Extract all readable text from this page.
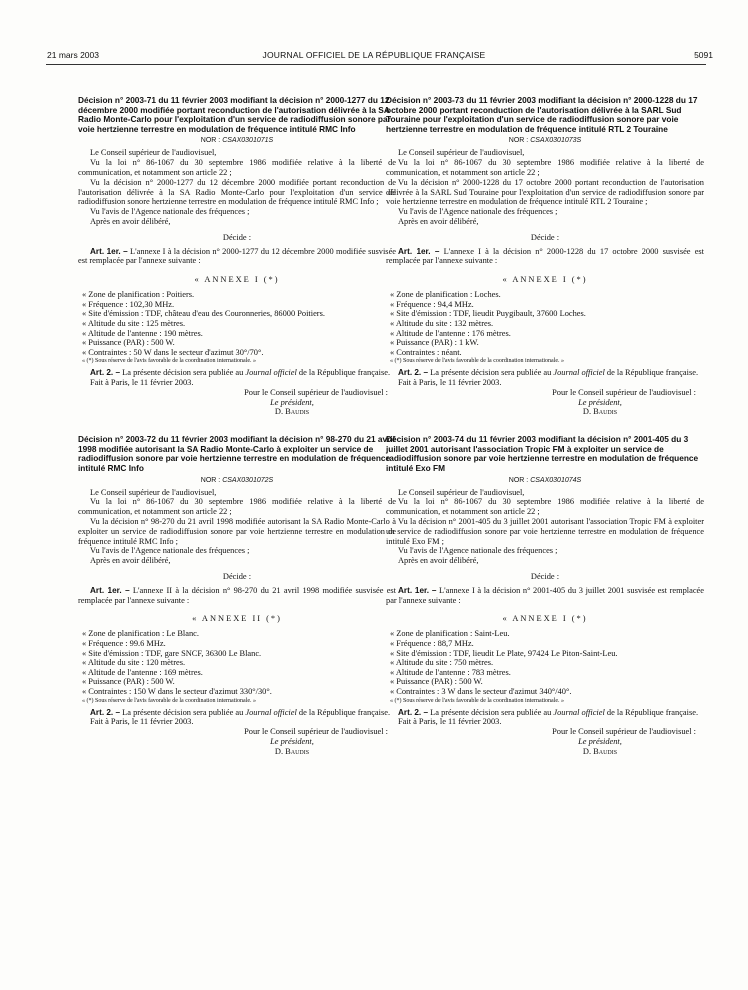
21 mars 2003	JOURNAL OFFICIEL DE LA RÉPUBLIQUE FRANÇAISE	5091

Décision n° 2003-71 du 11 février 2003 modifiant la décision n° 2000-1277 du 12 décembre 2000 modifiée portant reconduction de l'autorisation délivrée à la SA Radio Monte-Carlo pour l'exploitation d'un service de radiodiffusion sonore par voie hertzienne terrestre en modulation de fréquence intitulé RMC Info

NOR : CSAX0301071S

Le Conseil supérieur de l'audiovisuel,

Vu la loi n° 86-1067 du 30 septembre 1986 modifiée relative à la liberté de communication, et notamment son article 22 ;

Vu la décision n° 2000-1277 du 12 décembre 2000 modifiée portant reconduction de l'autorisation délivrée à la SA Radio Monte-Carlo pour l'exploitation d'un service de radiodiffusion sonore hertzienne terrestre en modulation de fréquence intitulé RMC Info ;

Vu l'avis de l'Agence nationale des fréquences ;

Après en avoir délibéré,

Décide :

Art. 1er. – L'annexe I à la décision n° 2000-1277 du 12 décembre 2000 modifiée susvisée est remplacée par l'annexe suivante :

« ANNEXE I (*)

« Zone de planification : Poitiers.

« Fréquence : 102,30 MHz.

« Site d'émission : TDF, château d'eau des Couronneries, 86000 Poitiers.

« Altitude du site : 125 mètres.

« Altitude de l'antenne : 190 mètres.

« Puissance (PAR) : 500 W.

« Contraintes : 50 W dans le secteur d'azimut 30°/70°.

« (*) Sous réserve de l'avis favorable de la coordination internationale. »

Art. 2. – La présente décision sera publiée au Journal officiel de la République française.

Fait à Paris, le 11 février 2003.

Pour le Conseil supérieur de l'audiovisuel :

Le président,

D. Baudis

Décision n° 2003-72 du 11 février 2003 modifiant la décision n° 98-270 du 21 avril 1998 modifiée autorisant la SA Radio Monte-Carlo à exploiter un service de radiodiffusion sonore par voie hertzienne terrestre en modulation de fréquence intitulé RMC Info

NOR : CSAX0301072S

Le Conseil supérieur de l'audiovisuel,

Vu la loi n° 86-1067 du 30 septembre 1986 modifiée relative à la liberté de communication, et notamment son article 22 ;

Vu la décision n° 98-270 du 21 avril 1998 modifiée autorisant la SA Radio Monte-Carlo à exploiter un service de radiodiffusion sonore par voie hertzienne terrestre en modulation de fréquence intitulé RMC Info ;

Vu l'avis de l'Agence nationale des fréquences ;

Après en avoir délibéré,

Décide :

Art. 1er. – L'annexe II à la décision n° 98-270 du 21 avril 1998 modifiée susvisée est remplacée par l'annexe suivante :

« ANNEXE II (*)

« Zone de planification : Le Blanc.

« Fréquence : 99.6 MHz.

« Site d'émission : TDF, gare SNCF, 36300 Le Blanc.

« Altitude du site : 120 mètres.

« Altitude de l'antenne : 169 mètres.

« Puissance (PAR) : 500 W.

« Contraintes : 150 W dans le secteur d'azimut 330°/30°.

« (*) Sous réserve de l'avis favorable de la coordination internationale. »

Art. 2. – La présente décision sera publiée au Journal officiel de la République française.

Fait à Paris, le 11 février 2003.

Pour le Conseil supérieur de l'audiovisuel :

Le président,

D. Baudis

Décision n° 2003-73 du 11 février 2003 modifiant la décision n° 2000-1228 du 17 octobre 2000 portant reconduction de l'autorisation délivrée à la SARL Sud Touraine pour l'exploitation d'un service de radiodiffusion sonore par voie hertzienne terrestre en modulation de fréquence intitulé RTL 2 Touraine

NOR : CSAX0301073S

Le Conseil supérieur de l'audiovisuel,

Vu la loi n° 86-1067 du 30 septembre 1986 modifiée relative à la liberté de communication, et notamment son article 22 ;

Vu la décision n° 2000-1228 du 17 octobre 2000 portant reconduction de l'autorisation délivrée à la SARL Sud Touraine pour l'exploitation d'un service de radiodiffusion sonore par voie hertzienne terrestre en modulation de fréquence intitulé RTL 2 Touraine ;

Vu l'avis de l'Agence nationale des fréquences ;

Après en avoir délibéré,

Décide :

Art. 1er. – L'annexe I à la décision n° 2000-1228 du 17 octobre 2000 susvisée est remplacée par l'annexe suivante :

« ANNEXE I (*)

« Zone de planification : Loches.

« Fréquence : 94,4 MHz.

« Site d'émission : TDF, lieudit Puygibault, 37600 Loches.

« Altitude du site : 132 mètres.

« Altitude de l'antenne : 176 mètres.

« Puissance (PAR) : 1 kW.

« Contraintes : néant.

« (*) Sous réserve de l'avis favorable de la coordination internationale. »

Art. 2. – La présente décision sera publiée au Journal officiel de la République française.

Fait à Paris, le 11 février 2003.

Pour le Conseil supérieur de l'audiovisuel :

Le président,

D. Baudis

Décision n° 2003-74 du 11 février 2003 modifiant la décision n° 2001-405 du 3 juillet 2001 autorisant l'association Tropic FM à exploiter un service de radiodiffusion sonore par voie hertzienne terrestre en modulation de fréquence intitulé Exo FM

NOR : CSAX0301074S

Le Conseil supérieur de l'audiovisuel,

Vu la loi n° 86-1067 du 30 septembre 1986 modifiée relative à la liberté de communication, et notamment son article 22 ;

Vu la décision n° 2001-405 du 3 juillet 2001 autorisant l'association Tropic FM à exploiter un service de radiodiffusion sonore par voie hertzienne terrestre en modulation de fréquence intitulé Exo FM ;

Vu l'avis de l'Agence nationale des fréquences ;

Après en avoir délibéré,

Décide :

Art. 1er. – L'annexe I à la décision n° 2001-405 du 3 juillet 2001 susvisée est remplacée par l'annexe suivante :

« ANNEXE I (*)

« Zone de planification : Saint-Leu.

« Fréquence : 88,7 MHz.

« Site d'émission : TDF, lieudit Le Plate, 97424 Le Piton-Saint-Leu.

« Altitude du site : 750 mètres.

« Altitude de l'antenne : 783 mètres.

« Puissance (PAR) : 500 W.

« Contraintes : 3 W dans le secteur d'azimut 340°/40°.

« (*) Sous réserve de l'avis favorable de la coordination internationale. »

Art. 2. – La présente décision sera publiée au Journal officiel de la République française.

Fait à Paris, le 11 février 2003.

Pour le Conseil supérieur de l'audiovisuel :

Le président,

D. Baudis
